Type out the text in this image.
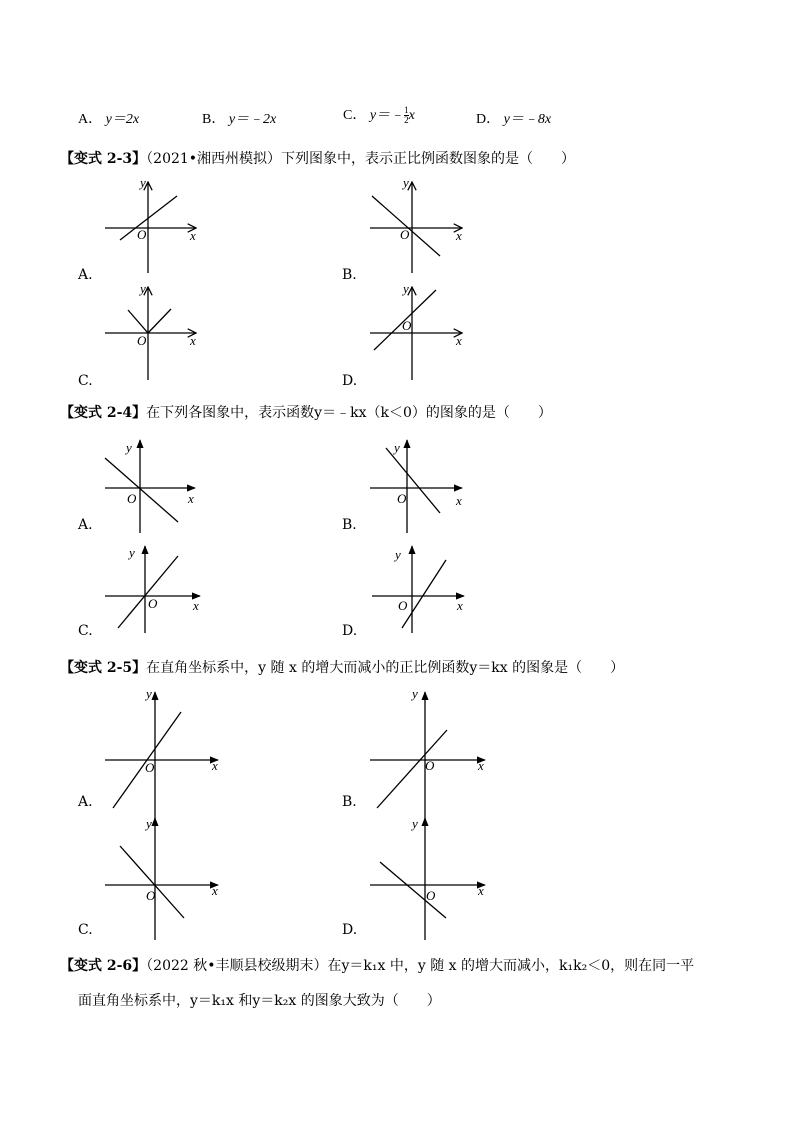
A． y＝2x	B． y＝﹣2x	C． y＝﹣ $\frac{1}{2}$ x	D． y＝﹣8x
【变式 2-3】（2021•湘西州模拟）下列图象中，表示正比例函数图象的是（　　）
【变式 2-4】在下列各图象中，表示函数y＝﹣kx（k＜0）的图象的是（　　）
【变式 2-5】在直角坐标系中，y 随 x 的增大而减小的正比例函数y＝kx 的图象是（　　）
【变式 2-6】（2022 秋•丰顺县校级期末）在y＝k₁x 中，y 随 x 的增大而减小，k₁k₂＜0，则在同一平
面直角坐标系中，y＝k₁x 和y＝k₂x 的图象大致为（　　）
x
y
O	x
y
O
x
y
O	x
y
O
x
y
O	x
y
O
x
y
O	x
y
O
x
y
O	x
y
O
x
y
O	x
y
O
A.	B.
C.	D.
A.	B.
C.	D.
A.	B.
C.	D.
